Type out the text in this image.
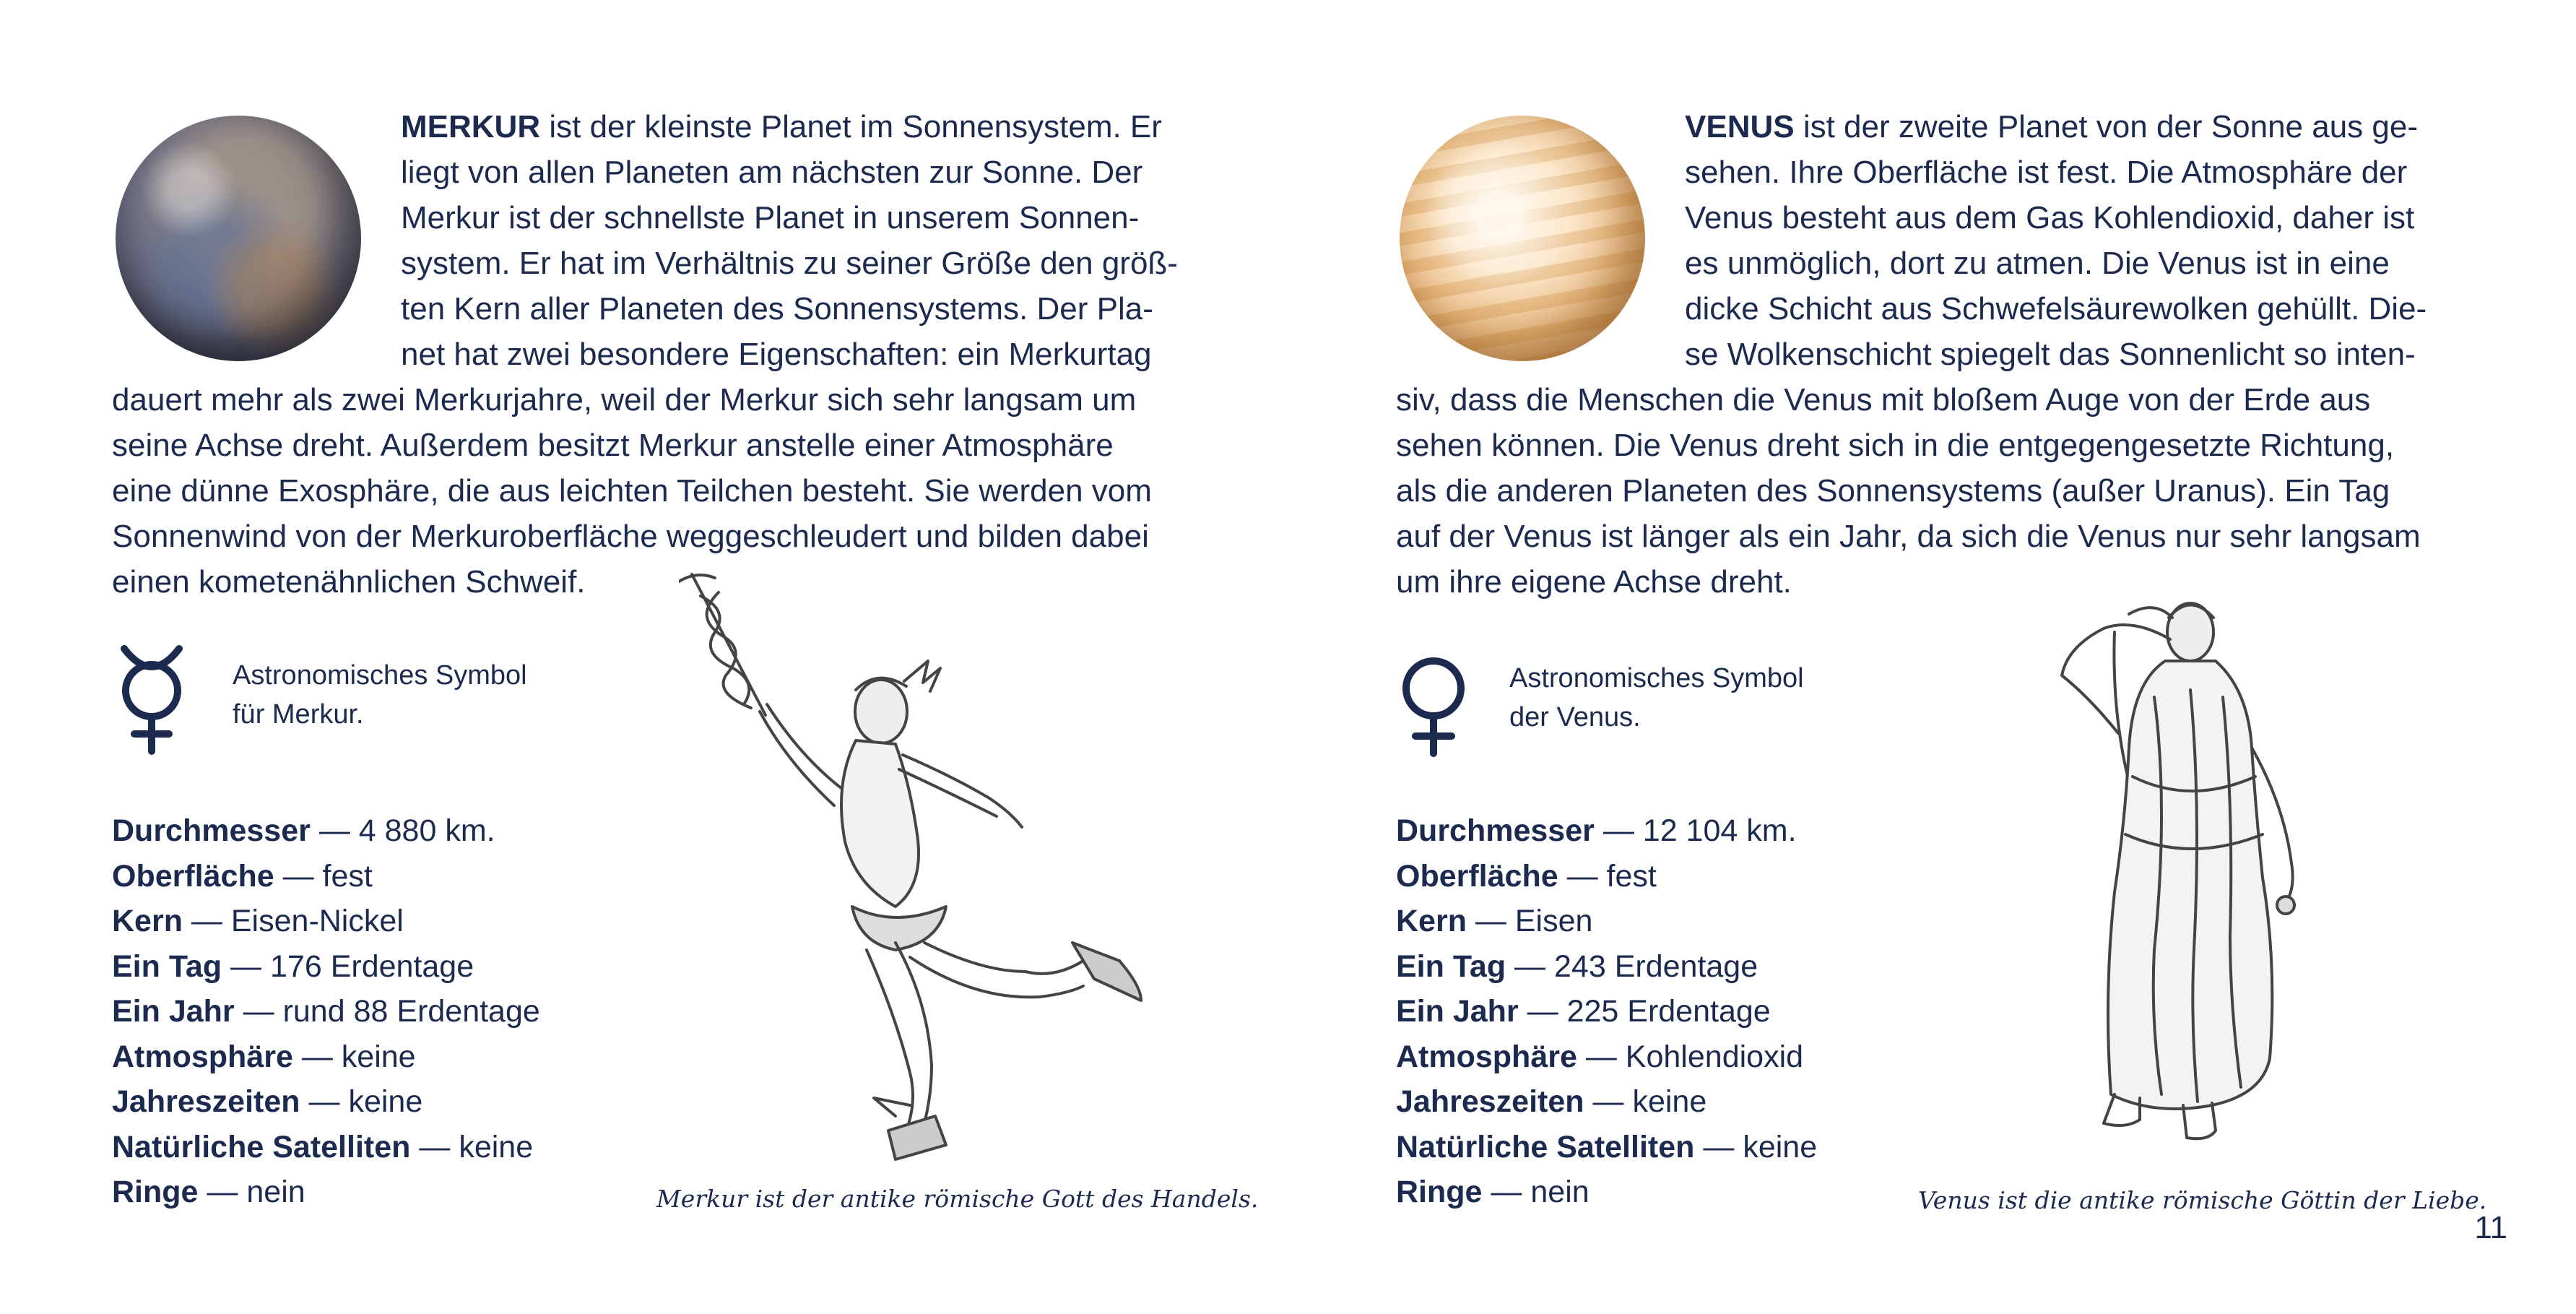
MERKUR ist der kleinste Planet im Sonnensystem. Er
liegt von allen Planeten am nächsten zur Sonne. Der
Merkur ist der schnellste Planet in unserem Sonnen-
system. Er hat im Verhältnis zu seiner Größe den größ-
ten Kern aller Planeten des Sonnensystems. Der Pla-
net hat zwei besondere Eigenschaften: ein Merkurtag
dauert mehr als zwei Merkurjahre, weil der Merkur sich sehr langsam um
seine Achse dreht. Außerdem besitzt Merkur anstelle einer Atmosphäre
eine dünne Exosphäre, die aus leichten Teilchen besteht. Sie werden vom
Sonnenwind von der Merkuroberfläche weggeschleudert und bilden dabei
einen kometenähnlichen Schweif.
Astronomisches Symbol
für Merkur.
Durchmesser — 4 880 km.
Oberfläche — fest
Kern — Eisen-Nickel
Ein Tag — 176 Erdentage
Ein Jahr — rund 88 Erdentage
Atmosphäre — keine
Jahreszeiten — keine
Natürliche Satelliten — keine
Ringe — nein	Merkur ist der antike römische Gott des Handels.
VENUS ist der zweite Planet von der Sonne aus ge-
sehen. Ihre Oberfläche ist fest. Die Atmosphäre der
Venus besteht aus dem Gas Kohlendioxid, daher ist
es unmöglich, dort zu atmen. Die Venus ist in eine
dicke Schicht aus Schwefelsäurewolken gehüllt. Die-
se Wolkenschicht spiegelt das Sonnenlicht so inten-
siv, dass die Menschen die Venus mit bloßem Auge von der Erde aus
sehen können. Die Venus dreht sich in die entgegengesetzte Richtung,
als die anderen Planeten des Sonnensystems (außer Uranus). Ein Tag
auf der Venus ist länger als ein Jahr, da sich die Venus nur sehr langsam
um ihre eigene Achse dreht.
Astronomisches Symbol
der Venus.
Durchmesser — 12 104 km.
Oberfläche — fest
Kern — Eisen
Ein Tag — 243 Erdentage
Ein Jahr — 225 Erdentage
Atmosphäre — Kohlendioxid
Jahreszeiten — keine
Natürliche Satelliten — keine
Ringe — nein	Venus ist die antike römische Göttin der Liebe.
11
